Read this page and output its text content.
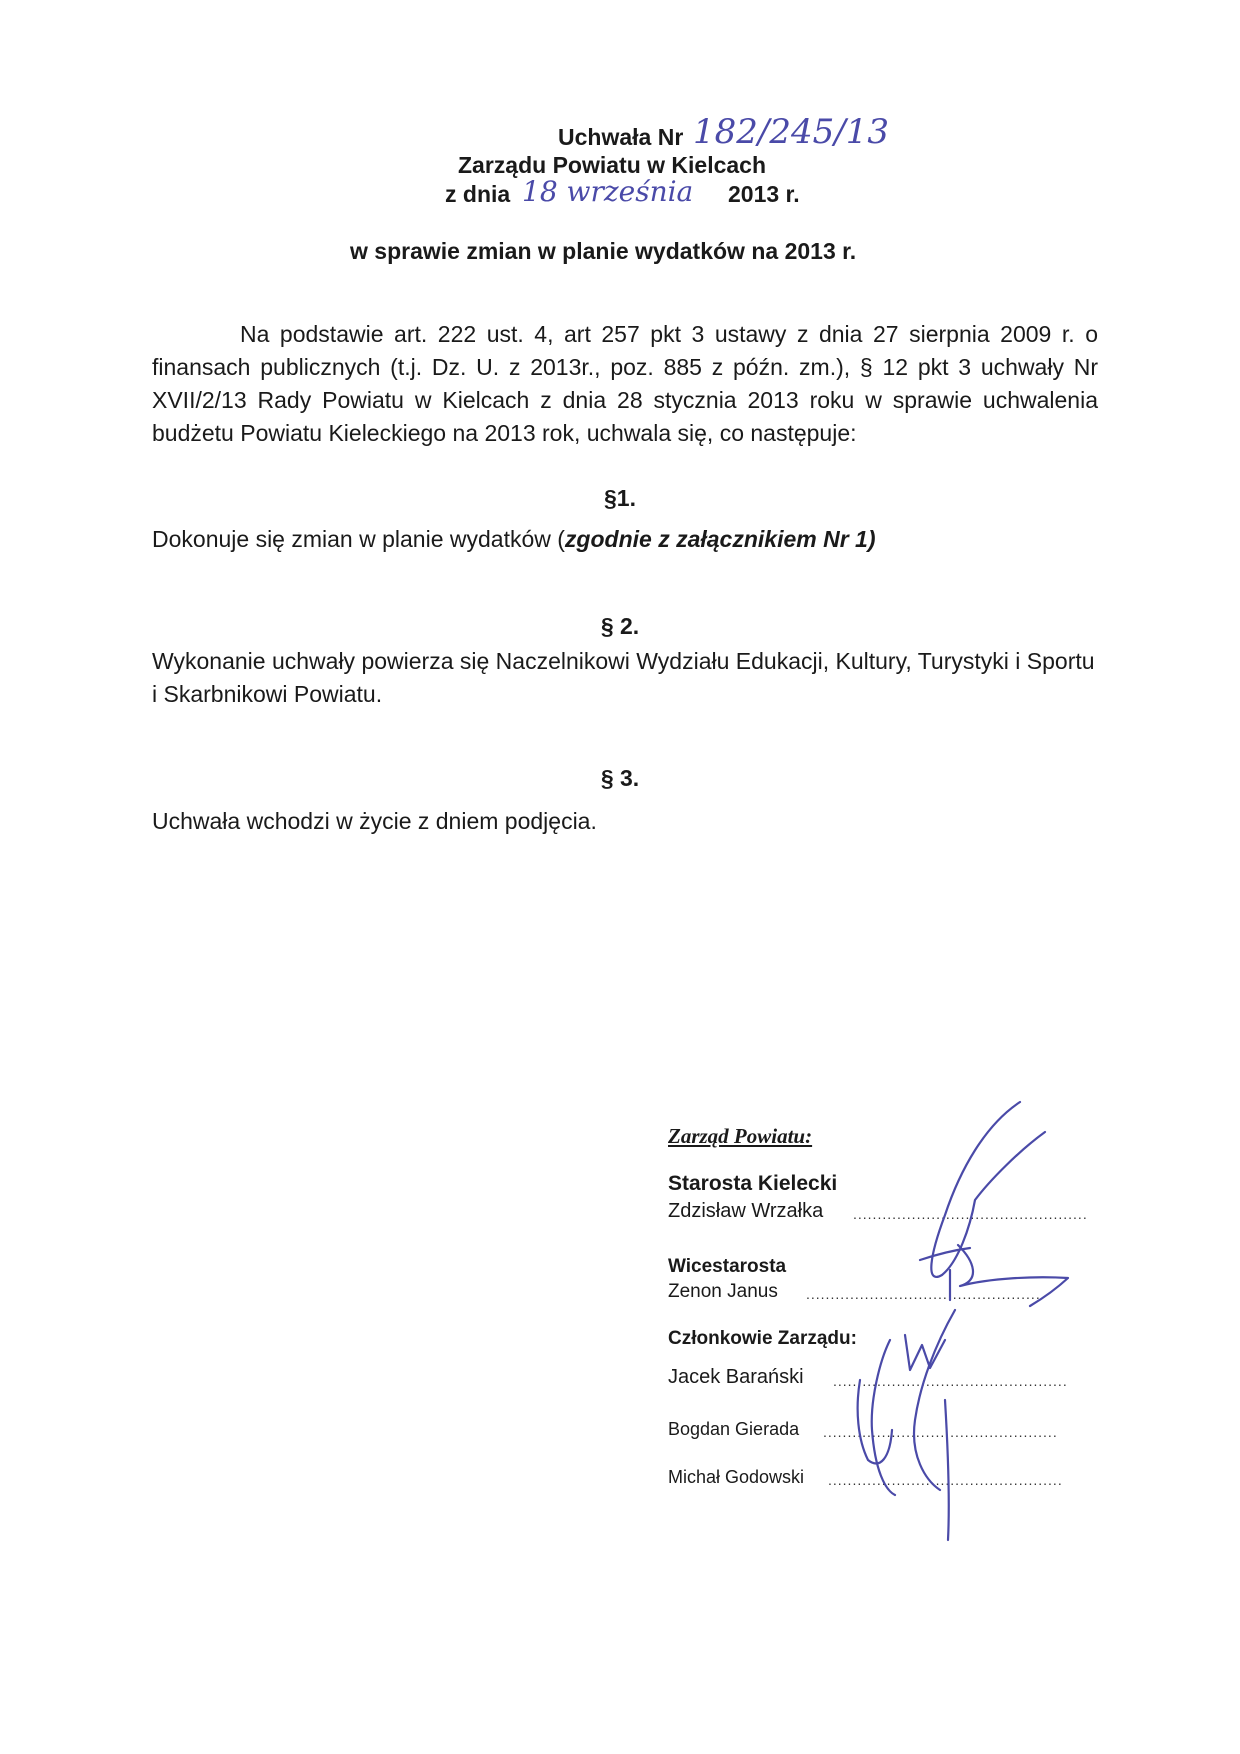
Uchwała Nr 182/245/13
Zarządu Powiatu w Kielcach
z dnia 18 września 2013 r.
w sprawie zmian w planie wydatków na 2013 r.
Na podstawie art. 222 ust. 4, art 257 pkt 3 ustawy z dnia 27 sierpnia 2009 r. o finansach publicznych (t.j. Dz. U. z 2013r., poz. 885 z późn. zm.), § 12 pkt 3 uchwały Nr XVII/2/13 Rady Powiatu w Kielcach z dnia 28 stycznia 2013 roku w sprawie uchwalenia budżetu Powiatu Kieleckiego na 2013 rok, uchwala się, co następuje:
§1.
Dokonuje się zmian w planie wydatków (zgodnie z załącznikiem Nr 1)
§ 2.
Wykonanie uchwały powierza się Naczelnikowi Wydziału Edukacji, Kultury, Turystyki i Sportu i Skarbnikowi Powiatu.
§ 3.
Uchwała wchodzi w życie z dniem podjęcia.
Zarząd Powiatu:
Starosta Kielecki
Zdzisław Wrzałka ................................................
Wicestarosta
Zenon Janus ................................................
Członkowie Zarządu:
Jacek Barański ................................................
Bogdan Gierada ................................................
Michał Godowski ................................................
